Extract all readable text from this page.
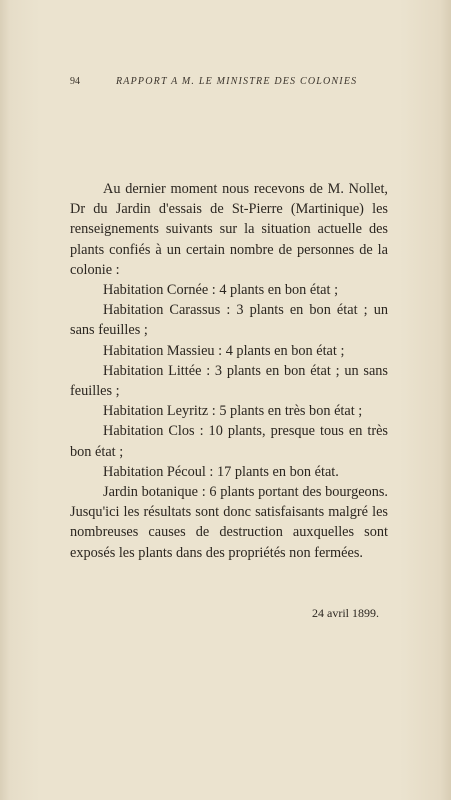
94	RAPPORT A M. LE MINISTRE DES COLONIES

Au dernier moment nous recevons de M. Nollet, Dr du Jardin d'essais de St-Pierre (Martinique) les renseignements suivants sur la situation actuelle des plants confiés à un certain nombre de personnes de la colonie :

Habitation Cornée : 4 plants en bon état ;

Habitation Carassus : 3 plants en bon état ; un sans feuilles ;

Habitation Massieu : 4 plants en bon état ;

Habitation Littée : 3 plants en bon état ; un sans feuilles ;

Habitation Leyritz : 5 plants en très bon état ;

Habitation Clos : 10 plants, presque tous en très bon état ;

Habitation Pécoul : 17 plants en bon état.

Jardin botanique : 6 plants portant des bourgeons. Jusqu'ici les résultats sont donc satisfaisants malgré les nombreuses causes de destruction auxquelles sont exposés les plants dans des propriétés non fermées.

24 avril 1899.
